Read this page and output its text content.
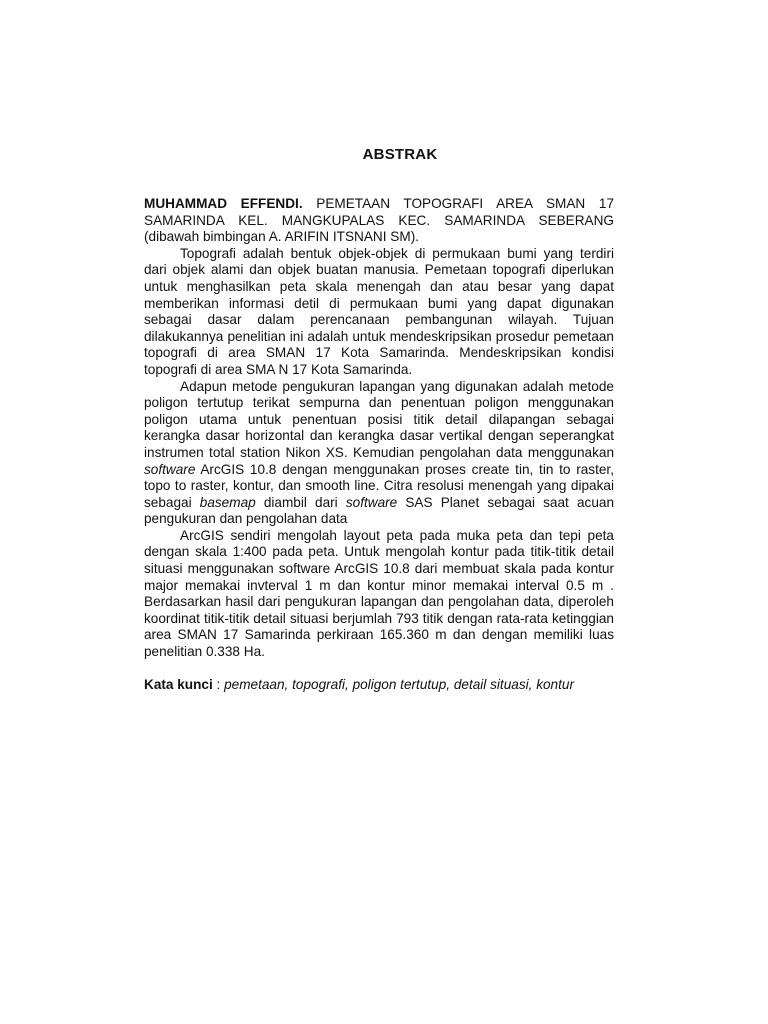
ABSTRAK

MUHAMMAD EFFENDI. PEMETAAN TOPOGRAFI AREA SMAN 17 SAMARINDA KEL. MANGKUPALAS KEC. SAMARINDA SEBERANG (dibawah bimbingan A. ARIFIN ITSNANI SM).

Topografi adalah bentuk objek-objek di permukaan bumi yang terdiri dari objek alami dan objek buatan manusia. Pemetaan topografi diperlukan untuk menghasilkan peta skala menengah dan atau besar yang dapat memberikan informasi detil di permukaan bumi yang dapat digunakan sebagai dasar dalam perencanaan pembangunan wilayah. Tujuan dilakukannya penelitian ini adalah untuk mendeskripsikan prosedur pemetaan topografi di area SMAN 17 Kota Samarinda. Mendeskripsikan kondisi topografi di area SMA N 17 Kota Samarinda.

Adapun metode pengukuran lapangan yang digunakan adalah metode poligon tertutup terikat sempurna dan penentuan poligon menggunakan poligon utama untuk penentuan posisi titik detail dilapangan sebagai kerangka dasar horizontal dan kerangka dasar vertikal dengan seperangkat instrumen total station Nikon XS. Kemudian pengolahan data menggunakan software ArcGIS 10.8 dengan menggunakan proses create tin, tin to raster, topo to raster, kontur, dan smooth line. Citra resolusi menengah yang dipakai sebagai basemap diambil dari software SAS Planet sebagai saat acuan pengukuran dan pengolahan data

ArcGIS sendiri mengolah layout peta pada muka peta dan tepi peta dengan skala 1:400 pada peta. Untuk mengolah kontur pada titik-titik detail situasi menggunakan software ArcGIS 10.8 dari membuat skala pada kontur major memakai invterval 1 m dan kontur minor memakai interval 0.5 m . Berdasarkan hasil dari pengukuran lapangan dan pengolahan data, diperoleh koordinat titik-titik detail situasi berjumlah 793 titik dengan rata-rata ketinggian area SMAN 17 Samarinda perkiraan 165.360 m dan dengan memiliki luas penelitian 0.338 Ha.

Kata kunci : pemetaan, topografi, poligon tertutup, detail situasi, kontur
